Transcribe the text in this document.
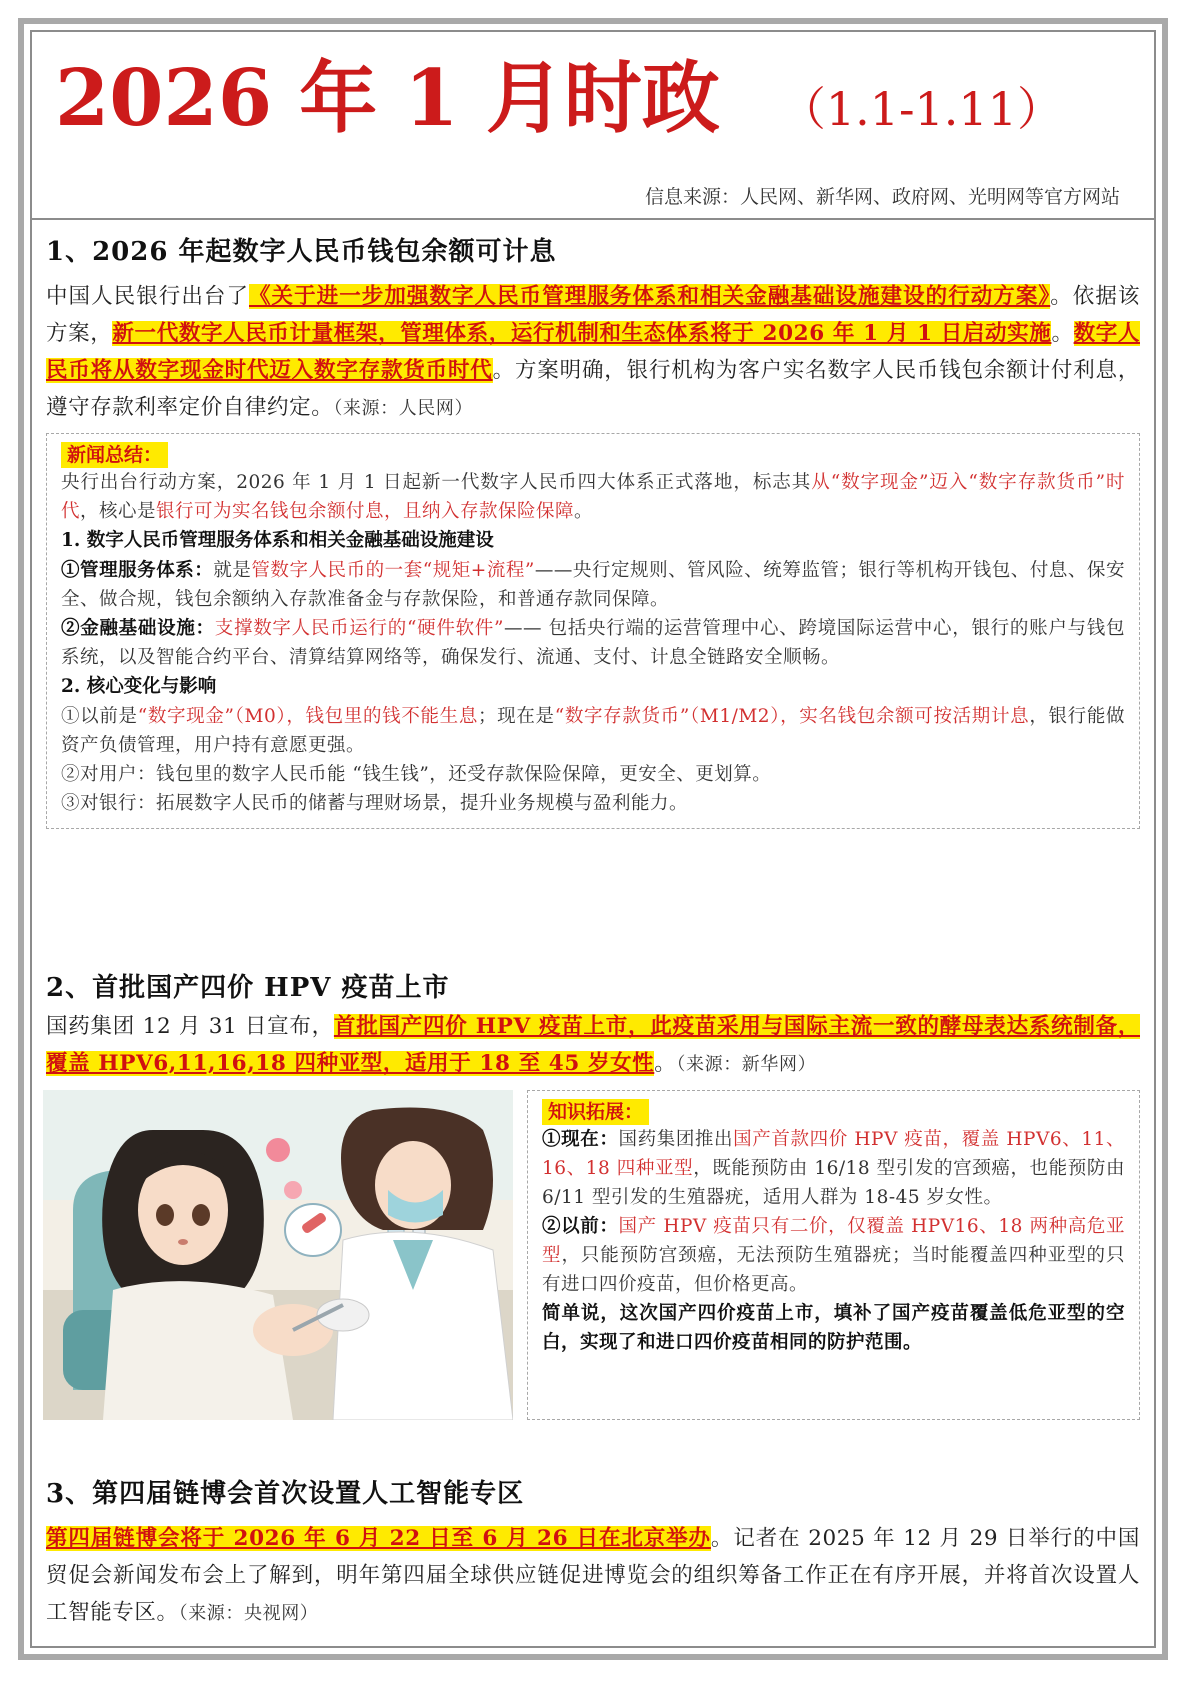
2026 年 1 月时政 （1.1-1.11）
信息来源：人民网、新华网、政府网、光明网等官方网站
1、2026 年起数字人民币钱包余额可计息
中国人民银行出台了《关于进一步加强数字人民币管理服务体系和相关金融基础设施建设的行动方案》。依据该方案，新一代数字人民币计量框架，管理体系，运行机制和生态体系将于 2026 年 1 月 1 日启动实施。数字人民币将从数字现金时代迈入数字存款货币时代。方案明确，银行机构为客户实名数字人民币钱包余额计付利息，遵守存款利率定价自律约定。（来源：人民网）
新闻总结：
央行出台行动方案，2026 年 1 月 1 日起新一代数字人民币四大体系正式落地，标志其从“数字现金”迈入“数字存款货币”时代，核心是银行可为实名钱包余额付息，且纳入存款保险保障。
1. 数字人民币管理服务体系和相关金融基础设施建设
①管理服务体系：就是管数字人民币的一套“规矩+流程”——央行定规则、管风险、统筹监管；银行等机构开钱包、付息、保安全、做合规，钱包余额纳入存款准备金与存款保险，和普通存款同保障。
②金融基础设施：支撑数字人民币运行的“硬件软件”—— 包括央行端的运营管理中心、跨境国际运营中心，银行的账户与钱包系统，以及智能合约平台、清算结算网络等，确保发行、流通、支付、计息全链路安全顺畅。
2. 核心变化与影响
①以前是“数字现金”（M0），钱包里的钱不能生息；现在是“数字存款货币”（M1/M2），实名钱包余额可按活期计息，银行能做资产负债管理，用户持有意愿更强。
②对用户：钱包里的数字人民币能 “钱生钱”，还受存款保险保障，更安全、更划算。
③对银行：拓展数字人民币的储蓄与理财场景，提升业务规模与盈利能力。
2、首批国产四价 HPV 疫苗上市
国药集团 12 月 31 日宣布，首批国产四价 HPV 疫苗上市，此疫苗采用与国际主流一致的酵母表达系统制备，覆盖 HPV6,11,16,18 四种亚型，适用于 18 至 45 岁女性。（来源：新华网）
知识拓展：
①现在：国药集团推出国产首款四价 HPV 疫苗，覆盖 HPV6、11、16、18 四种亚型，既能预防由 16/18 型引发的宫颈癌，也能预防由 6/11 型引发的生殖器疣，适用人群为 18-45 岁女性。
②以前：国产 HPV 疫苗只有二价，仅覆盖 HPV16、18 两种高危亚型，只能预防宫颈癌，无法预防生殖器疣；当时能覆盖四种亚型的只有进口四价疫苗，但价格更高。
简单说，这次国产四价疫苗上市，填补了国产疫苗覆盖低危亚型的空白，实现了和进口四价疫苗相同的防护范围。
3、第四届链博会首次设置人工智能专区
第四届链博会将于 2026 年 6 月 22 日至 6 月 26 日在北京举办。记者在 2025 年 12 月 29 日举行的中国贸促会新闻发布会上了解到，明年第四届全球供应链促进博览会的组织筹备工作正在有序开展，并将首次设置人工智能专区。（来源：央视网）
